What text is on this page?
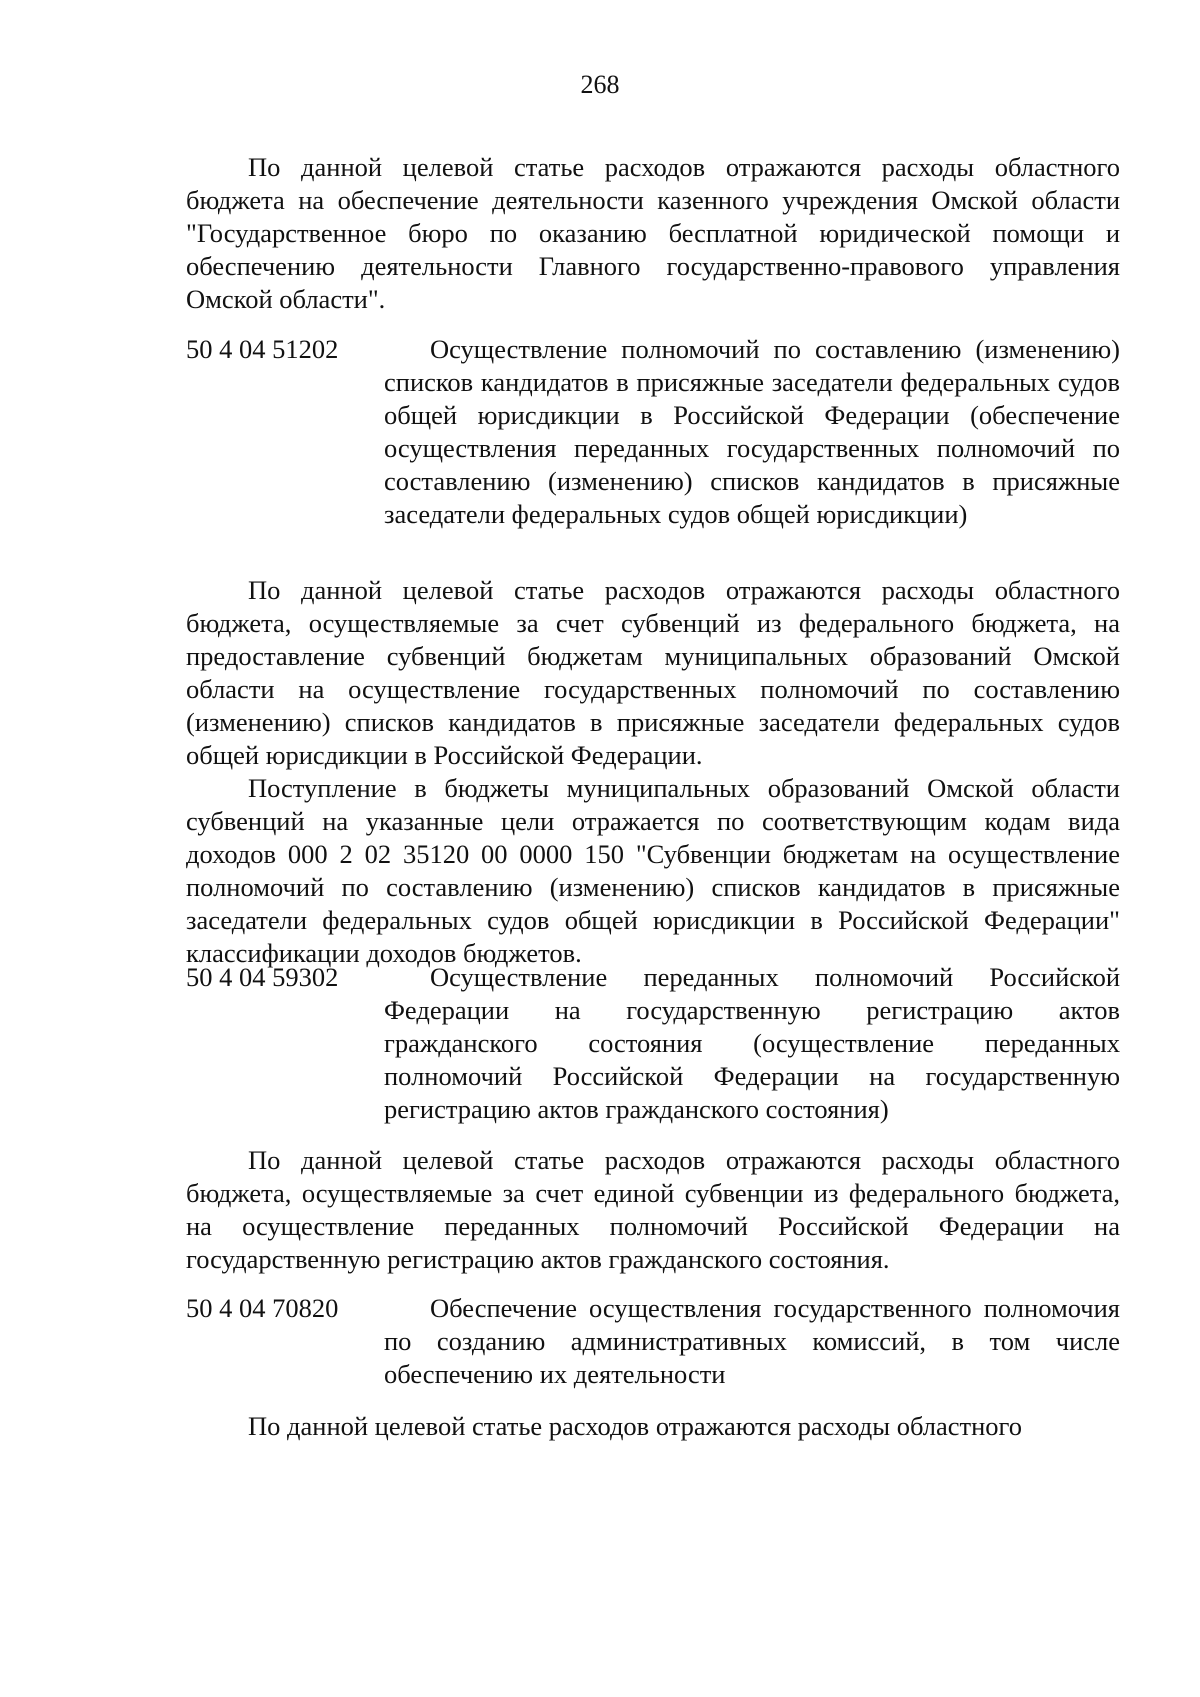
268

По данной целевой статье расходов отражаются расходы областного бюджета на обеспечение деятельности казенного учреждения Омской области "Государственное бюро по оказанию бесплатной юридической помощи и обеспечению деятельности Главного государственно-правового управления Омской области".

50 4 04 51202	Осуществление полномочий по составлению (изменению) списков кандидатов в присяжные заседатели федеральных судов общей юрисдикции в Российской Федерации (обеспечение осуществления переданных государственных полномочий по составлению (изменению) списков кандидатов в присяжные заседатели федеральных судов общей юрисдикции)

По данной целевой статье расходов отражаются расходы областного бюджета, осуществляемые за счет субвенций из федерального бюджета, на предоставление субвенций бюджетам муниципальных образований Омской области на осуществление государственных полномочий по составлению (изменению) списков кандидатов в присяжные заседатели федеральных судов общей юрисдикции в Российской Федерации.

Поступление в бюджеты муниципальных образований Омской области субвенций на указанные цели отражается по соответствующим кодам вида доходов 000 2 02 35120 00 0000 150 "Субвенции бюджетам на осуществление полномочий по составлению (изменению) списков кандидатов в присяжные заседатели федеральных судов общей юрисдикции в Российской Федерации" классификации доходов бюджетов.

50 4 04 59302	Осуществление переданных полномочий Российской Федерации на государственную регистрацию актов гражданского состояния (осуществление переданных полномочий Российской Федерации на государственную регистрацию актов гражданского состояния)

По данной целевой статье расходов отражаются расходы областного бюджета, осуществляемые за счет единой субвенции из федерального бюджета, на осуществление переданных полномочий Российской Федерации на государственную регистрацию актов гражданского состояния.

50 4 04 70820	Обеспечение осуществления государственного полномочия по созданию административных комиссий, в том числе обеспечению их деятельности

По данной целевой статье расходов отражаются расходы областного
